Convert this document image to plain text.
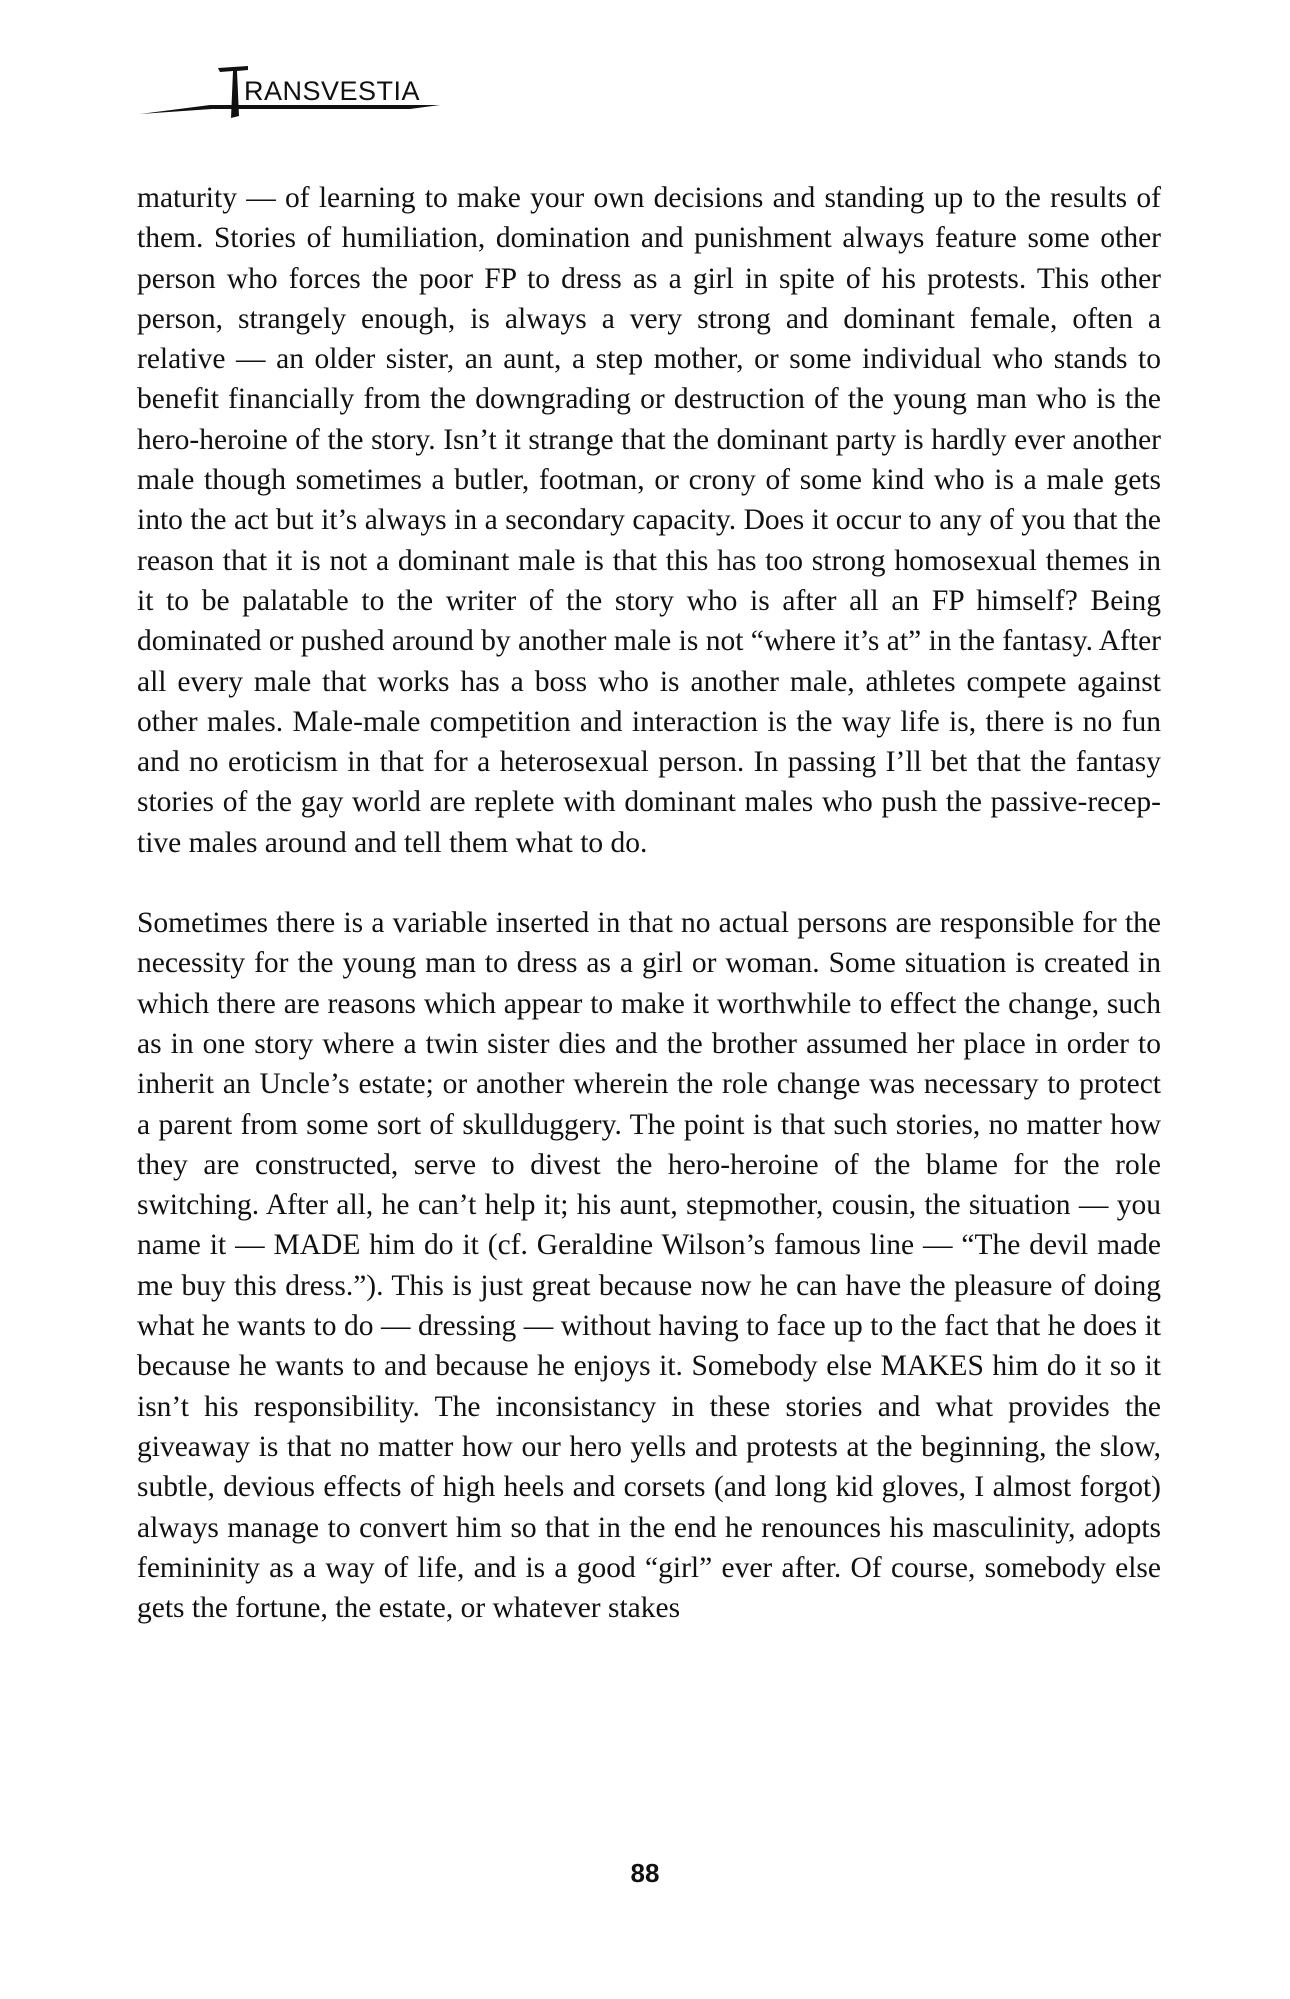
RANSVESTIA

maturity — of learning to make your own decisions and standing up to the results of them. Stories of humiliation, domination and punishment always feature some other person who forces the poor FP to dress as a girl in spite of his protests. This other person, strangely enough, is always a very strong and dominant female, often a relative — an older sister, an aunt, a step mother, or some individual who stands to benefit financially from the downgrading or destruction of the young man who is the hero-heroine of the story. Isn’t it strange that the dominant party is hardly ever another male though sometimes a butler, footman, or crony of some kind who is a male gets into the act but it’s always in a secondary capacity. Does it occur to any of you that the reason that it is not a dominant male is that this has too strong homosexual themes in it to be palatable to the writer of the story who is after all an FP himself? Being dominated or pushed around by another male is not “where it’s at” in the fantasy. After all every male that works has a boss who is another male, athletes compete against other males. Male-male competition and interaction is the way life is, there is no fun and no eroticism in that for a heterosexual person. In passing I’ll bet that the fantasy stories of the gay world are replete with dominant males who push the passive-receptive males around and tell them what to do.

Sometimes there is a variable inserted in that no actual persons are responsible for the necessity for the young man to dress as a girl or woman. Some situation is created in which there are reasons which appear to make it worthwhile to effect the change, such as in one story where a twin sister dies and the brother assumed her place in order to inherit an Uncle’s estate; or another wherein the role change was necessary to protect a parent from some sort of skullduggery. The point is that such stories, no matter how they are constructed, serve to divest the hero-heroine of the blame for the role switching. After all, he can’t help it; his aunt, stepmother, cousin, the situation — you name it — MADE him do it (cf. Geraldine Wilson’s famous line — “The devil made me buy this dress.”). This is just great because now he can have the pleasure of doing what he wants to do — dressing — without having to face up to the fact that he does it because he wants to and because he enjoys it. Somebody else MAKES him do it so it isn’t his responsibility. The inconsistancy in these stories and what provides the giveaway is that no matter how our hero yells and protests at the beginning, the slow, subtle, devious effects of high heels and corsets (and long kid gloves, I almost forgot) always manage to convert him so that in the end he renounces his masculinity, adopts femininity as a way of life, and is a good “girl” ever after. Of course, somebody else gets the fortune, the estate, or whatever stakes

88
